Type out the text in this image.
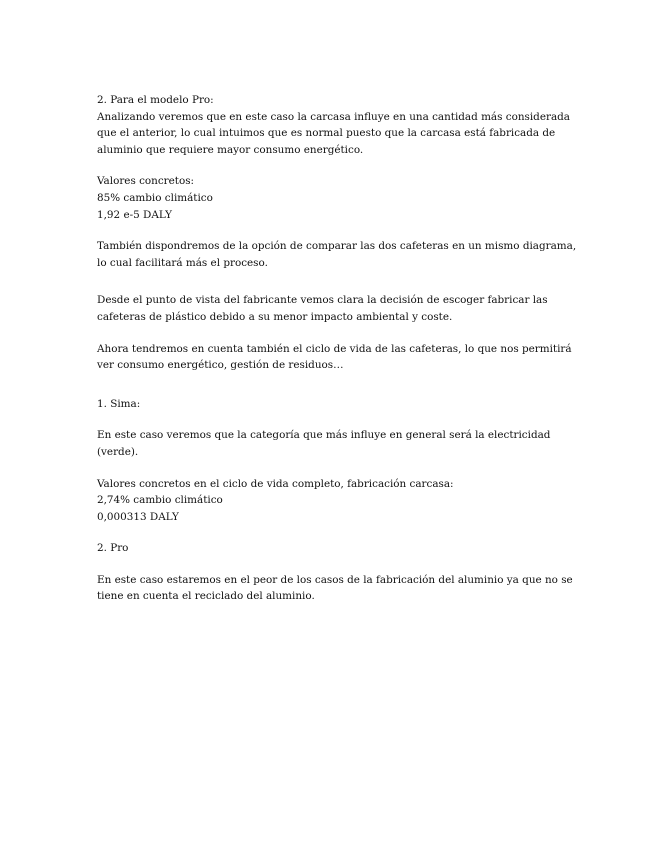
2. Para el modelo Pro:

Analizando veremos que en este caso la carcasa influye en una cantidad más considerada

que el anterior, lo cual intuimos que es normal puesto que la carcasa está fabricada de

aluminio que requiere mayor consumo energético.

Valores concretos:

85% cambio climático

1,92 e-5 DALY

También dispondremos de la opción de comparar las dos cafeteras en un mismo diagrama,

lo cual facilitará más el proceso.

Desde el punto de vista del fabricante vemos clara la decisión de escoger fabricar las

cafeteras de plástico debido a su menor impacto ambiental y coste.

Ahora tendremos en cuenta también el ciclo de vida de las cafeteras, lo que nos permitirá

ver consumo energético, gestión de residuos…

1. Sima:

En este caso veremos que la categoría que más influye en general será la electricidad

(verde).

Valores concretos en el ciclo de vida completo, fabricación carcasa:

2,74% cambio climático

0,000313 DALY

2. Pro

En este caso estaremos en el peor de los casos de la fabricación del aluminio ya que no se

tiene en cuenta el reciclado del aluminio.
